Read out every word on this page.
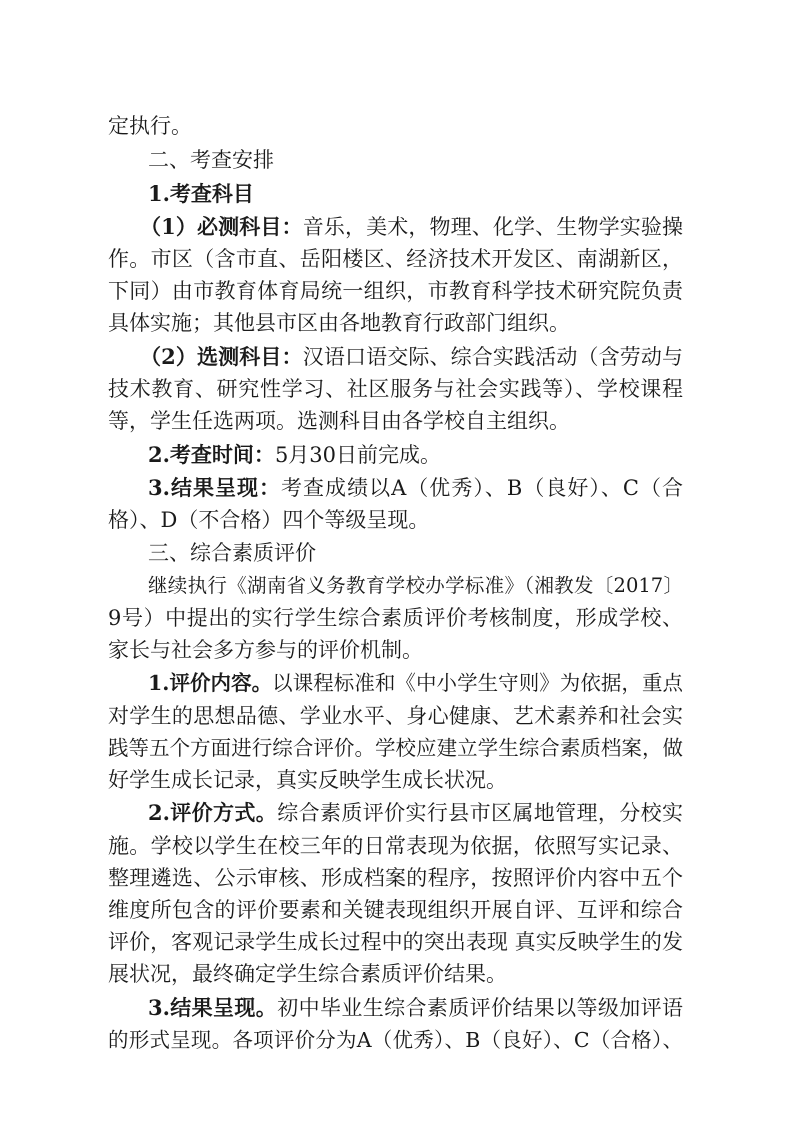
定执行。
二、考查安排
1.考查科目
（1）必测科目：音乐，美术，物理、化学、生物学实验操
作。市区（含市直、岳阳楼区、经济技术开发区、南湖新区，
下同）由市教育体育局统一组织，市教育科学技术研究院负责
具体实施；其他县市区由各地教育行政部门组织。
（2）选测科目：汉语口语交际、综合实践活动（含劳动与
技术教育、研究性学习、社区服务与社会实践等）、学校课程
等，学生任选两项。选测科目由各学校自主组织。
2.考查时间：5月30日前完成。
3.结果呈现：考查成绩以A（优秀）、B（良好）、C（合
格）、D（不合格）四个等级呈现。
三、综合素质评价
继续执行《湖南省义务教育学校办学标准》（湘教发〔2017〕
9号）中提出的实行学生综合素质评价考核制度，形成学校、
家长与社会多方参与的评价机制。
1.评价内容。以课程标准和《中小学生守则》为依据，重点
对学生的思想品德、学业水平、身心健康、艺术素养和社会实
践等五个方面进行综合评价。学校应建立学生综合素质档案，做
好学生成长记录，真实反映学生成长状况。
2.评价方式。综合素质评价实行县市区属地管理，分校实
施。学校以学生在校三年的日常表现为依据，依照写实记录、
整理遴选、公示审核、形成档案的程序，按照评价内容中五个
维度所包含的评价要素和关键表现组织开展自评、互评和综合
评价，客观记录学生成长过程中的突出表现 真实反映学生的发
展状况，最终确定学生综合素质评价结果。
3.结果呈现。初中毕业生综合素质评价结果以等级加评语
的形式呈现。各项评价分为A（优秀）、B（良好）、C（合格）、
